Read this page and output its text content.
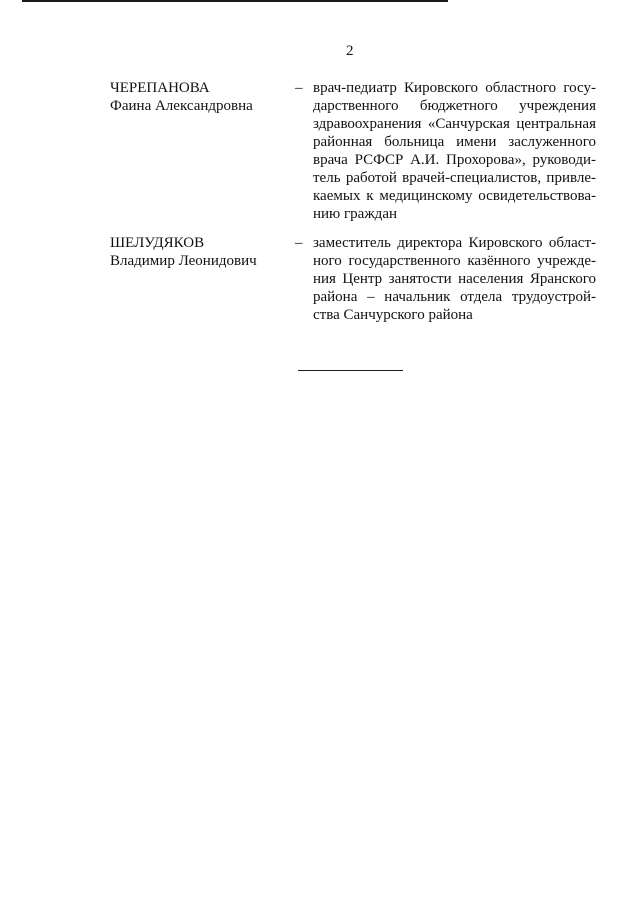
2
ЧЕРЕПАНОВА
Фаина Александровна
– врач-педиатр Кировского областного госу-
дарственного бюджетного учреждения
здравоохранения «Санчурская центральная
районная больница имени заслуженного
врача РСФСР А.И. Прохорова», руководи-
тель работой врачей-специалистов, привле-
каемых к медицинскому освидетельствова-
нию граждан
ШЕЛУДЯКОВ
Владимир Леонидович
– заместитель директора Кировского област-
ного государственного казённого учрежде-
ния Центр занятости населения Яранского
района – начальник отдела трудоустрой-
ства Санчурского района
